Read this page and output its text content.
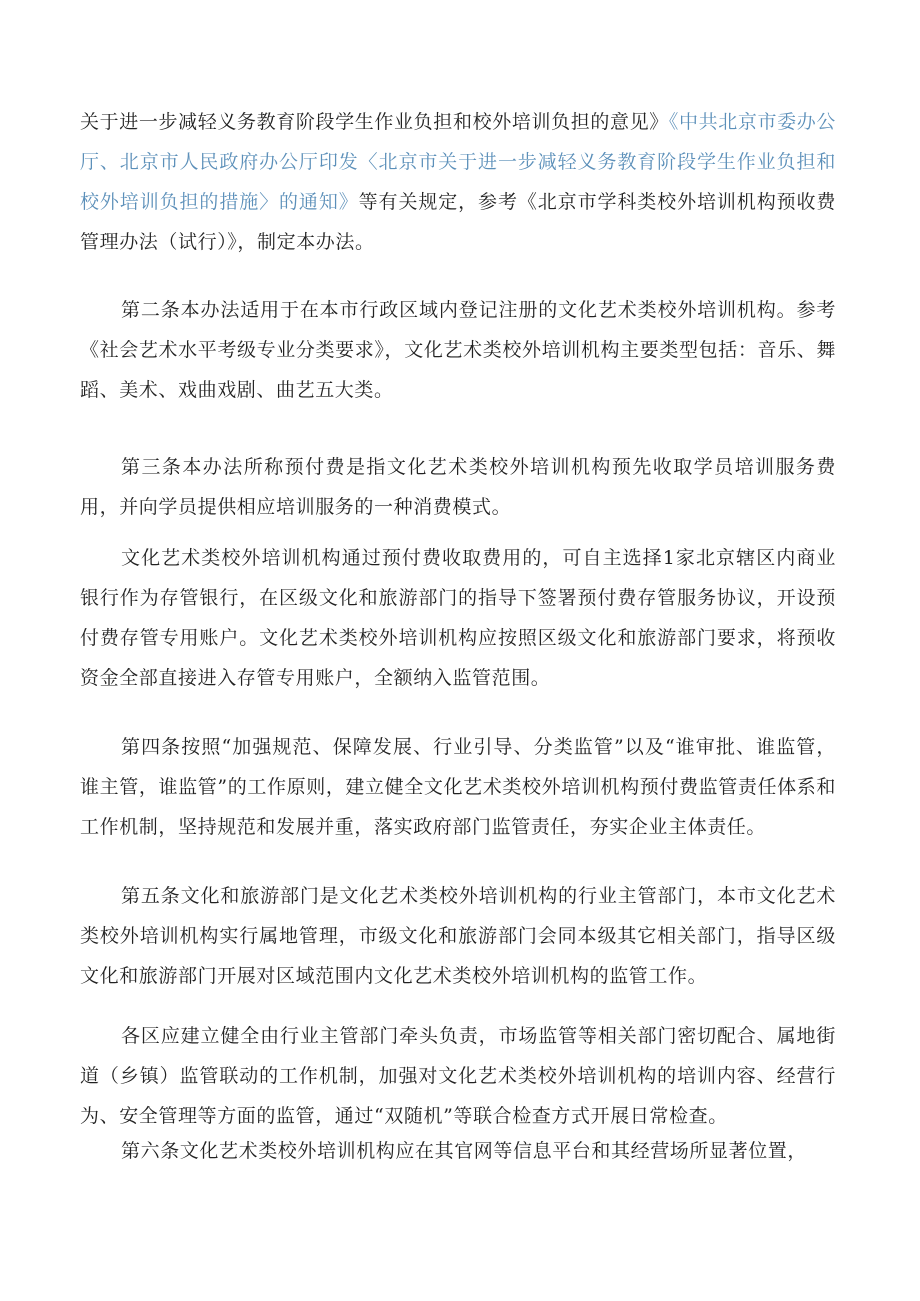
关于进一步减轻义务教育阶段学生作业负担和校外培训负担的意见》《中共北京市委办公厅、北京市人民政府办公厅印发〈北京市关于进一步减轻义务教育阶段学生作业负担和校外培训负担的措施〉的通知》等有关规定，参考《北京市学科类校外培训机构预收费管理办法（试行）》，制定本办法。

第二条本办法适用于在本市行政区域内登记注册的文化艺术类校外培训机构。参考《社会艺术水平考级专业分类要求》，文化艺术类校外培训机构主要类型包括：音乐、舞蹈、美术、戏曲戏剧、曲艺五大类。

第三条本办法所称预付费是指文化艺术类校外培训机构预先收取学员培训服务费用，并向学员提供相应培训服务的一种消费模式。

文化艺术类校外培训机构通过预付费收取费用的，可自主选择1家北京辖区内商业银行作为存管银行，在区级文化和旅游部门的指导下签署预付费存管服务协议，开设预付费存管专用账户。文化艺术类校外培训机构应按照区级文化和旅游部门要求，将预收资金全部直接进入存管专用账户，全额纳入监管范围。

第四条按照“加强规范、保障发展、行业引导、分类监管”以及“谁审批、谁监管，谁主管，谁监管”的工作原则，建立健全文化艺术类校外培训机构预付费监管责任体系和工作机制，坚持规范和发展并重，落实政府部门监管责任，夯实企业主体责任。

第五条文化和旅游部门是文化艺术类校外培训机构的行业主管部门，本市文化艺术类校外培训机构实行属地管理，市级文化和旅游部门会同本级其它相关部门，指导区级文化和旅游部门开展对区域范围内文化艺术类校外培训机构的监管工作。

各区应建立健全由行业主管部门牵头负责，市场监管等相关部门密切配合、属地街道（乡镇）监管联动的工作机制，加强对文化艺术类校外培训机构的培训内容、经营行为、安全管理等方面的监管，通过“双随机”等联合检查方式开展日常检查。

第六条文化艺术类校外培训机构应在其官网等信息平台和其经营场所显著位置，
